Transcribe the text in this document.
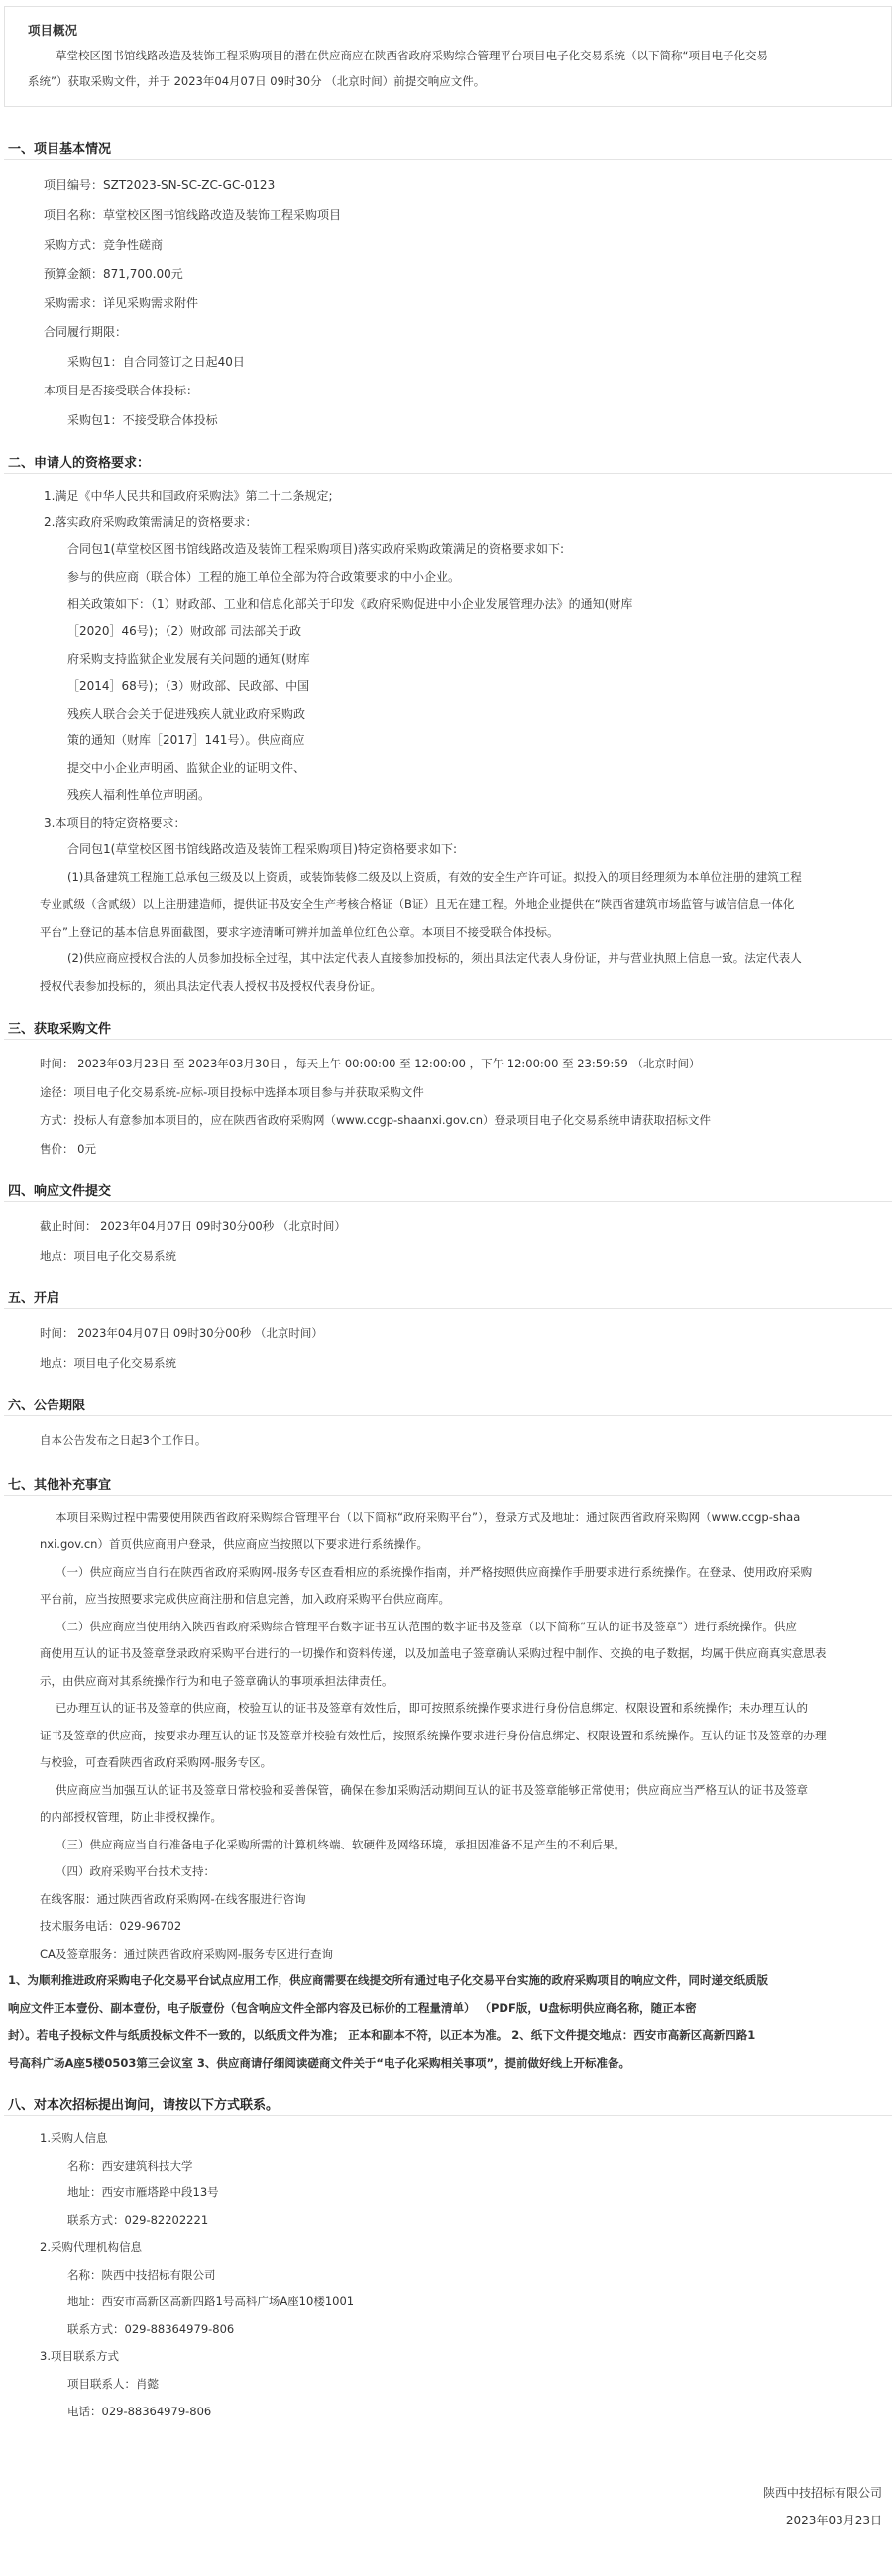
项目概况
草堂校区图书馆线路改造及装饰工程采购项目的潜在供应商应在陕西省政府采购综合管理平台项目电子化交易系统（以下简称“项目电子化交易
系统”）获取采购文件，并于 2023年04月07日 09时30分 （北京时间）前提交响应文件。
一、项目基本情况
项目编号：SZT2023-SN-SC-ZC-GC-0123
项目名称：草堂校区图书馆线路改造及装饰工程采购项目
采购方式：竞争性磋商
预算金额：871,700.00元
采购需求：详见采购需求附件
合同履行期限：
采购包1：自合同签订之日起40日
本项目是否接受联合体投标：
采购包1：不接受联合体投标
二、申请人的资格要求：
1.满足《中华人民共和国政府采购法》第二十二条规定;
2.落实政府采购政策需满足的资格要求：
合同包1(草堂校区图书馆线路改造及装饰工程采购项目)落实政府采购政策满足的资格要求如下:
参与的供应商（联合体）工程的施工单位全部为符合政策要求的中小企业。
相关政策如下：（1）财政部、工业和信息化部关于印发《政府采购促进中小企业发展管理办法》的通知(财库
［2020］46号)；（2）财政部 司法部关于政
府采购支持监狱企业发展有关问题的通知(财库
［2014］68号)；（3）财政部、民政部、中国
残疾人联合会关于促进残疾人就业政府采购政
策的通知（财库［2017］141号）。供应商应
提交中小企业声明函、监狱企业的证明文件、
残疾人福利性单位声明函。
3.本项目的特定资格要求：
合同包1(草堂校区图书馆线路改造及装饰工程采购项目)特定资格要求如下:
(1)具备建筑工程施工总承包三级及以上资质，或装饰装修二级及以上资质，有效的安全生产许可证。拟投入的项目经理须为本单位注册的建筑工程
专业贰级（含贰级）以上注册建造师，提供证书及安全生产考核合格证（B证）且无在建工程。外地企业提供在“陕西省建筑市场监管与诚信信息一体化
平台”上登记的基本信息界面截图，要求字迹清晰可辨并加盖单位红色公章。本项目不接受联合体投标。
(2)供应商应授权合法的人员参加投标全过程，其中法定代表人直接参加投标的，须出具法定代表人身份证，并与营业执照上信息一致。法定代表人
授权代表参加投标的，须出具法定代表人授权书及授权代表身份证。
三、获取采购文件
时间： 2023年03月23日 至 2023年03月30日 ，每天上午 00:00:00 至 12:00:00 ，下午 12:00:00 至 23:59:59 （北京时间）
途径：项目电子化交易系统-应标-项目投标中选择本项目参与并获取采购文件
方式：投标人有意参加本项目的，应在陕西省政府采购网（www.ccgp-shaanxi.gov.cn）登录项目电子化交易系统申请获取招标文件
售价： 0元
四、响应文件提交
截止时间： 2023年04月07日 09时30分00秒 （北京时间）
地点：项目电子化交易系统
五、开启
时间： 2023年04月07日 09时30分00秒 （北京时间）
地点：项目电子化交易系统
六、公告期限
自本公告发布之日起3个工作日。
七、其他补充事宜
本项目采购过程中需要使用陕西省政府采购综合管理平台（以下简称“政府采购平台”），登录方式及地址：通过陕西省政府采购网（www.ccgp-shaa
nxi.gov.cn）首页供应商用户登录，供应商应当按照以下要求进行系统操作。
（一）供应商应当自行在陕西省政府采购网-服务专区查看相应的系统操作指南，并严格按照供应商操作手册要求进行系统操作。在登录、使用政府采购
平台前，应当按照要求完成供应商注册和信息完善，加入政府采购平台供应商库。
（二）供应商应当使用纳入陕西省政府采购综合管理平台数字证书互认范围的数字证书及签章（以下简称“互认的证书及签章”）进行系统操作。供应
商使用互认的证书及签章登录政府采购平台进行的一切操作和资料传递，以及加盖电子签章确认采购过程中制作、交换的电子数据，均属于供应商真实意思表
示，由供应商对其系统操作行为和电子签章确认的事项承担法律责任。
已办理互认的证书及签章的供应商，校验互认的证书及签章有效性后，即可按照系统操作要求进行身份信息绑定、权限设置和系统操作；未办理互认的
证书及签章的供应商，按要求办理互认的证书及签章并校验有效性后，按照系统操作要求进行身份信息绑定、权限设置和系统操作。互认的证书及签章的办理
与校验，可查看陕西省政府采购网-服务专区。
供应商应当加强互认的证书及签章日常校验和妥善保管，确保在参加采购活动期间互认的证书及签章能够正常使用；供应商应当严格互认的证书及签章
的内部授权管理，防止非授权操作。
（三）供应商应当自行准备电子化采购所需的计算机终端、软硬件及网络环境，承担因准备不足产生的不利后果。
（四）政府采购平台技术支持：
在线客服：通过陕西省政府采购网-在线客服进行咨询
技术服务电话：029-96702
CA及签章服务：通过陕西省政府采购网-服务专区进行查询
1、为顺利推进政府采购电子化交易平台试点应用工作，供应商需要在线提交所有通过电子化交易平台实施的政府采购项目的响应文件，同时递交纸质版
响应文件正本壹份、副本壹份，电子版壹份（包含响应文件全部内容及已标价的工程量清单） （PDF版，U盘标明供应商名称，随正本密
封）。若电子投标文件与纸质投标文件不一致的，以纸质文件为准； 正本和副本不符，以正本为准。 2、纸下文件提交地点：西安市高新区高新四路1
号高科广场A座5楼0503第三会议室 3、供应商请仔细阅读磋商文件关于“电子化采购相关事项”，提前做好线上开标准备。
八、对本次招标提出询问，请按以下方式联系。
1.采购人信息
名称：西安建筑科技大学
地址：西安市雁塔路中段13号
联系方式：029-82202221
2.采购代理机构信息
名称：陕西中技招标有限公司
地址：西安市高新区高新四路1号高科广场A座10楼1001
联系方式：029-88364979-806
3.项目联系方式
项目联系人：肖懿
电话：029-88364979-806
陕西中技招标有限公司
2023年03月23日
